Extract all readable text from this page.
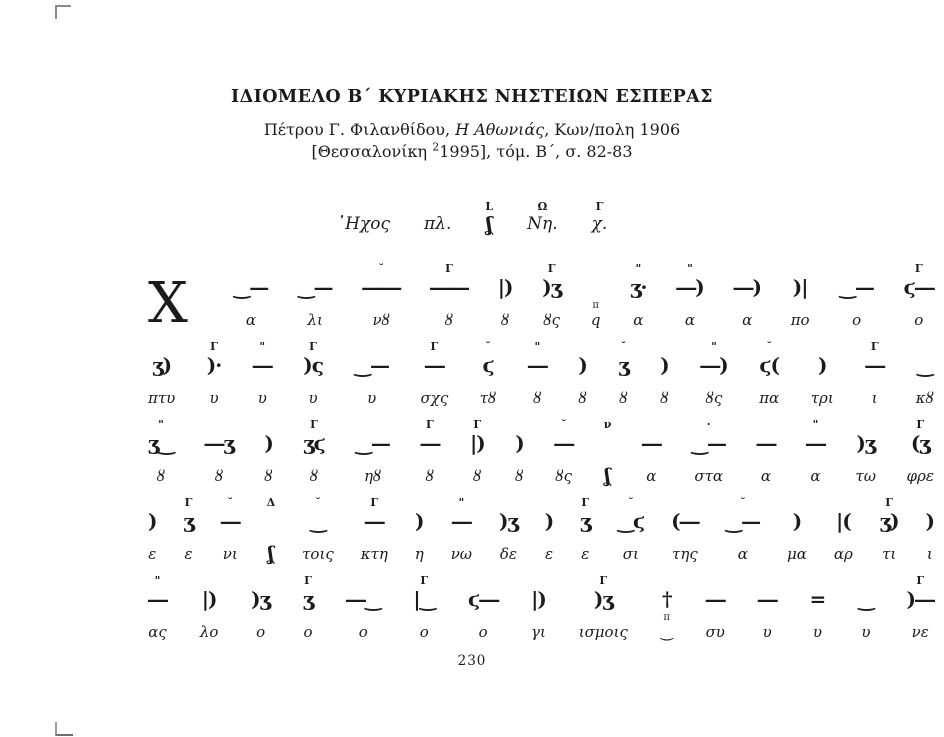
ΙΔΙΟΜΕΛΟ Β´ ΚΥΡΙΑΚΗΣ ΝΗΣΤΕΙΩΝ ΕΣΠΕΡΑΣ
Πέτρου Γ. Φιλανθίδου, Η Αθωνιάς, Κων/πολη 1906
[Θεσσαλονίκη $^2$1995], τόμ. Β´, σ. 82-83

᾿Ηχος
πλ.
L
ʆ
Ω
Νη.
Γ
χ.
X
‿—

α

‿—

λι
˘
――

νȣ
Γ
――

ȣ

|)

ȣ
Γ
)ʒ

ȣς

π
q
"
ʒ·

α
"
―)

α

―)

α

)|

πο

‿—

ο
Γ
ϛ―

ο

ʒ)

πτυ
Γ
)·

υ
"
―

υ
Γ
)ς

υ

‿—

υ
Γ
―

σχς
˘
ϛ

τȣ
"
―

ȣ

)

ȣ
˘
ʒ

ȣ

)

ȣ
"
―)

ȣς
˘
ϛ(

πα

)

τρι
Γ
―

ι

‿

κȣ
"
ʒ‿

ȣ

―ʒ

ȣ

)

ȣ
Γ
ʒϛ

ȣ

‿—

ηȣ
Γ
―

ȣ
Γ
|)

ȣ

)

ȣ
˘
―

ȣς
ν

ʆ

―

α
·
‿—

στα

―

α
"
―

α

)ʒ

τω
Γ
(ʒ

φρε

)

ε
Γ
ʒ

ε
˘
―

νι
Δ

ʆ
˘
‿

τοις
Γ
―

κτη

)

η
"
―

νω

)ʒ

δε

)

ε
Γ
ʒ

ε
˘
‿ϛ

σι

(―

της
˘
‿—

α

)

μα

|(

αρ
Γ
ʒ)

τι

)

ι
"
―

ας

|)

λο

)ʒ

ο
Γ
ʒ

ο

―‿

ο
Γ
|‿

ο

ϛ―

ο

|)

γι
Γ
)ʒ

ισμοις

†
π
‿

―

συ

―

υ

=

υ

‿

υ
Γ
)―

νε
230
